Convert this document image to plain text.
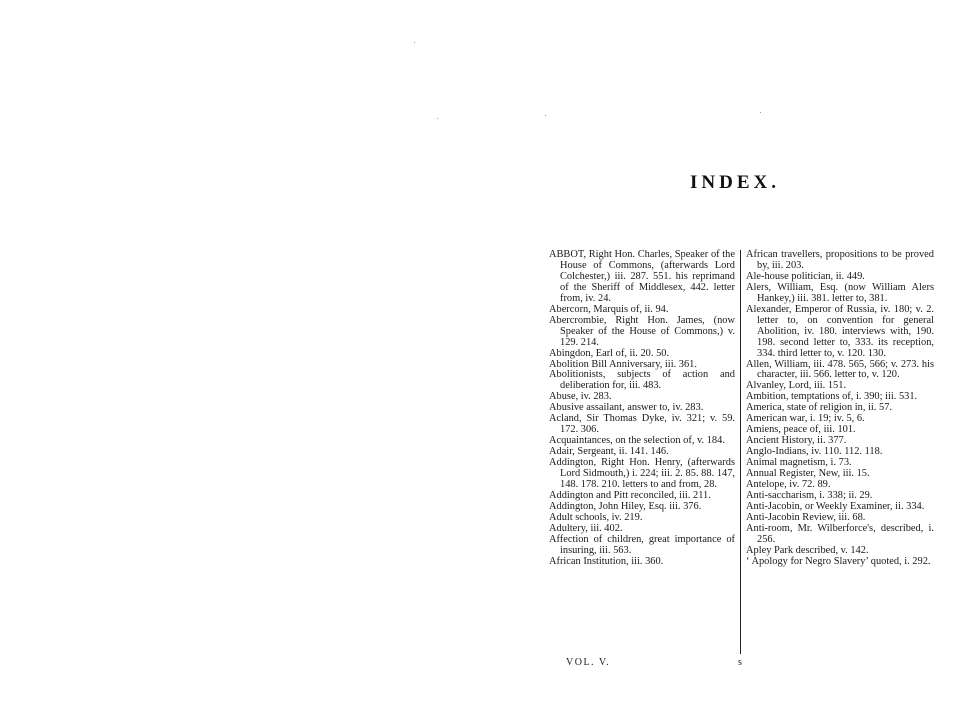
INDEX.
ABBOT, Right Hon. Charles, Speaker of the House of Commons, (afterwards Lord Colchester,) iii. 287. 551. his reprimand of the Sheriff of Middlesex, 442. letter from, iv. 24.
Abercorn, Marquis of, ii. 94.
Abercrombie, Right Hon. James, (now Speaker of the House of Commons,) v. 129. 214.
Abingdon, Earl of, ii. 20. 50.
Abolition Bill Anniversary, iii. 361.
Abolitionists, subjects of action and deliberation for, iii. 483.
Abuse, iv. 283.
Abusive assailant, answer to, iv. 283.
Acland, Sir Thomas Dyke, iv. 321; v. 59. 172. 306.
Acquaintances, on the selection of, v. 184.
Adair, Sergeant, ii. 141. 146.
Addington, Right Hon. Henry, (afterwards Lord Sidmouth,) i. 224; iii. 2. 85. 88. 147, 148. 178. 210. letters to and from, 28.
Addington and Pitt reconciled, iii. 211.
Addington, John Hiley, Esq. iii. 376.
Adult schools, iv. 219.
Adultery, iii. 402.
Affection of children, great importance of insuring, iii. 563.
African Institution, iii. 360.
African travellers, propositions to be proved by, iii. 203.
Ale-house politician, ii. 449.
Alers, William, Esq. (now William Alers Hankey,) iii. 381. letter to, 381.
Alexander, Emperor of Russia, iv. 180; v. 2. letter to, on convention for general Abolition, iv. 180. interviews with, 190. 198. second letter to, 333. its reception, 334. third letter to, v. 120. 130.
Allen, William, iii. 478. 565, 566; v. 273. his character, iii. 566. letter to, v. 120.
Alvanley, Lord, iii. 151.
Ambition, temptations of, i. 390; iii. 531.
America, state of religion in, ii. 57.
American war, i. 19; iv. 5, 6.
Amiens, peace of, iii. 101.
Ancient History, ii. 377.
Anglo-Indians, iv. 110. 112. 118.
Animal magnetism, i. 73.
Annual Register, New, iii. 15.
Antelope, iv. 72. 89.
Anti-saccharism, i. 338; ii. 29.
Anti-Jacobin, or Weekly Examiner, ii. 334.
Anti-Jacobin Review, iii. 68.
Anti-room, Mr. Wilberforce's, described, i. 256.
Apley Park described, v. 142.
‘ Apology for Negro Slavery’ quoted, i. 292.
VOL. V.	s
